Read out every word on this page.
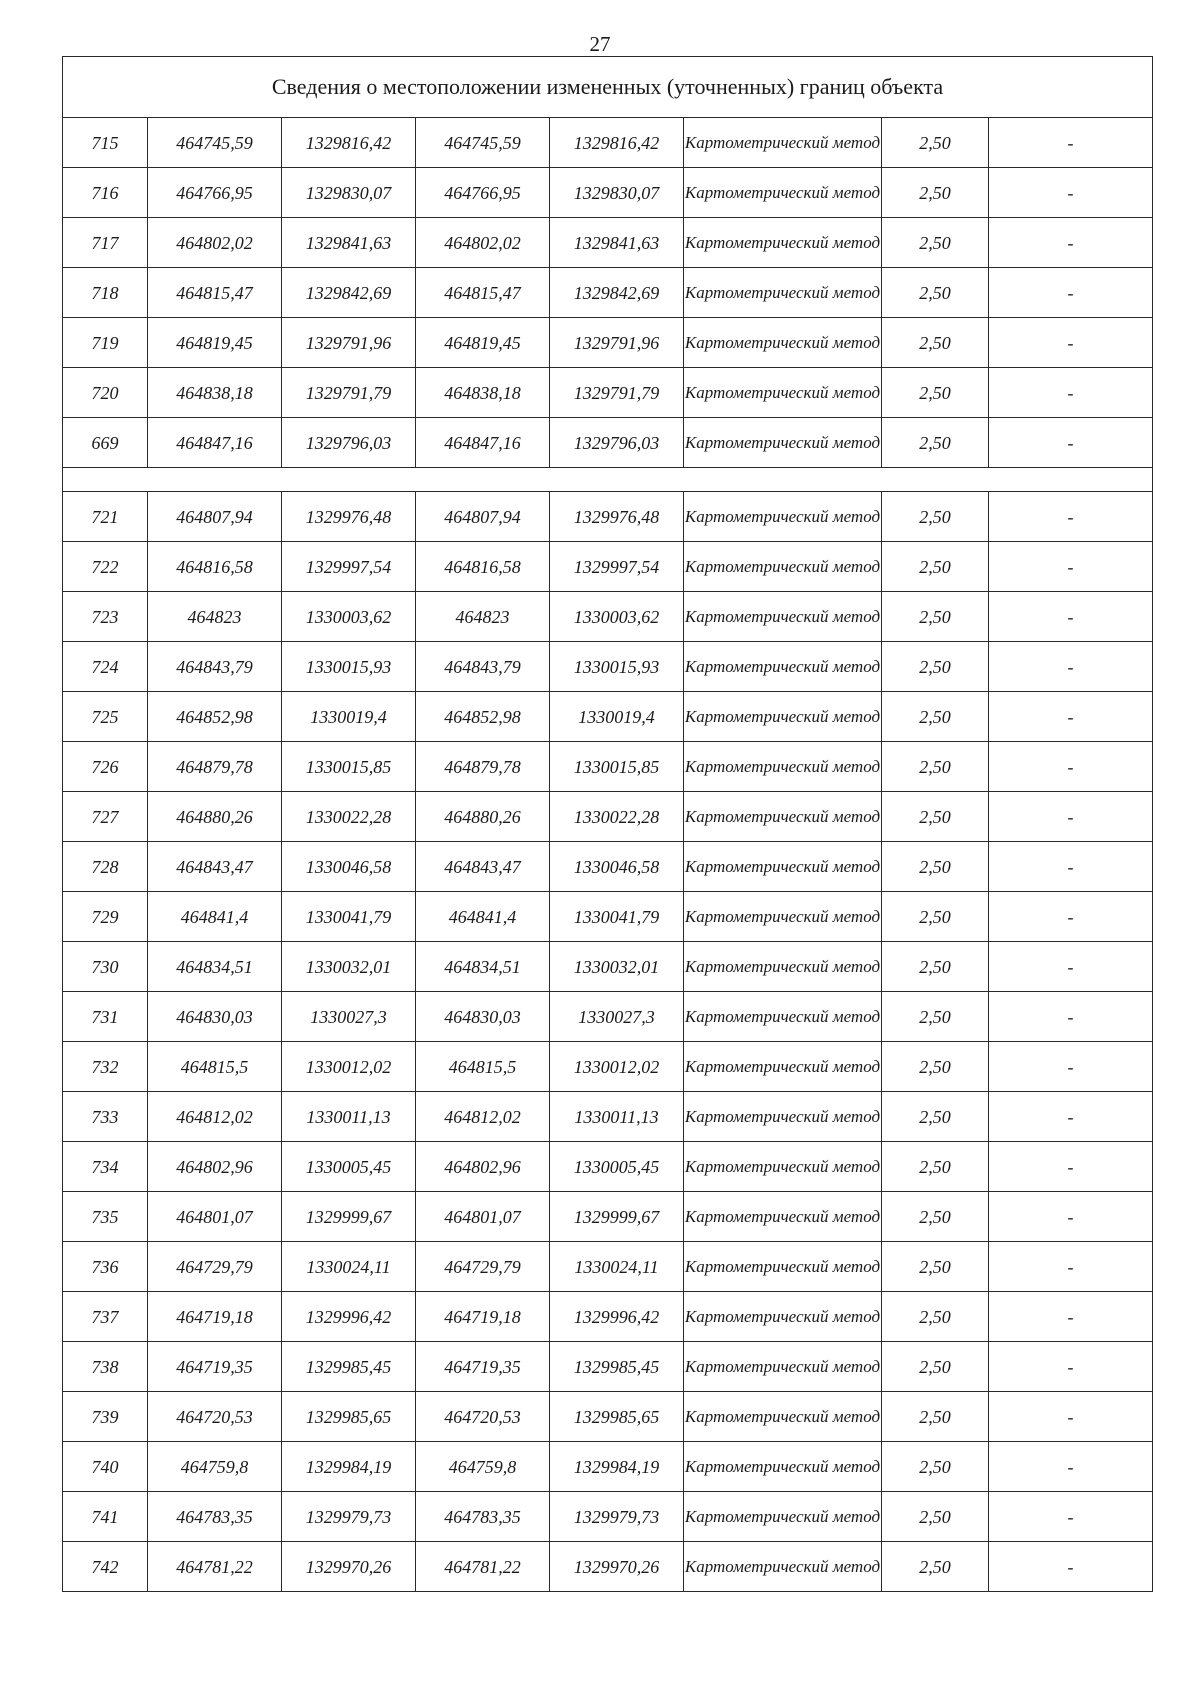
27
Сведения о местоположении измененных (уточненных) границ объекта							
715	464745,59	1329816,42	464745,59	1329816,42	Картометрический метод	2,50	-
716	464766,95	1329830,07	464766,95	1329830,07	Картометрический метод	2,50	-
717	464802,02	1329841,63	464802,02	1329841,63	Картометрический метод	2,50	-
718	464815,47	1329842,69	464815,47	1329842,69	Картометрический метод	2,50	-
719	464819,45	1329791,96	464819,45	1329791,96	Картометрический метод	2,50	-
720	464838,18	1329791,79	464838,18	1329791,79	Картометрический метод	2,50	-
669	464847,16	1329796,03	464847,16	1329796,03	Картометрический метод	2,50	-

721	464807,94	1329976,48	464807,94	1329976,48	Картометрический метод	2,50	-
722	464816,58	1329997,54	464816,58	1329997,54	Картометрический метод	2,50	-
723	464823	1330003,62	464823	1330003,62	Картометрический метод	2,50	-
724	464843,79	1330015,93	464843,79	1330015,93	Картометрический метод	2,50	-
725	464852,98	1330019,4	464852,98	1330019,4	Картометрический метод	2,50	-
726	464879,78	1330015,85	464879,78	1330015,85	Картометрический метод	2,50	-
727	464880,26	1330022,28	464880,26	1330022,28	Картометрический метод	2,50	-
728	464843,47	1330046,58	464843,47	1330046,58	Картометрический метод	2,50	-
729	464841,4	1330041,79	464841,4	1330041,79	Картометрический метод	2,50	-
730	464834,51	1330032,01	464834,51	1330032,01	Картометрический метод	2,50	-
731	464830,03	1330027,3	464830,03	1330027,3	Картометрический метод	2,50	-
732	464815,5	1330012,02	464815,5	1330012,02	Картометрический метод	2,50	-
733	464812,02	1330011,13	464812,02	1330011,13	Картометрический метод	2,50	-
734	464802,96	1330005,45	464802,96	1330005,45	Картометрический метод	2,50	-
735	464801,07	1329999,67	464801,07	1329999,67	Картометрический метод	2,50	-
736	464729,79	1330024,11	464729,79	1330024,11	Картометрический метод	2,50	-
737	464719,18	1329996,42	464719,18	1329996,42	Картометрический метод	2,50	-
738	464719,35	1329985,45	464719,35	1329985,45	Картометрический метод	2,50	-
739	464720,53	1329985,65	464720,53	1329985,65	Картометрический метод	2,50	-
740	464759,8	1329984,19	464759,8	1329984,19	Картометрический метод	2,50	-
741	464783,35	1329979,73	464783,35	1329979,73	Картометрический метод	2,50	-
742	464781,22	1329970,26	464781,22	1329970,26	Картометрический метод	2,50	-
